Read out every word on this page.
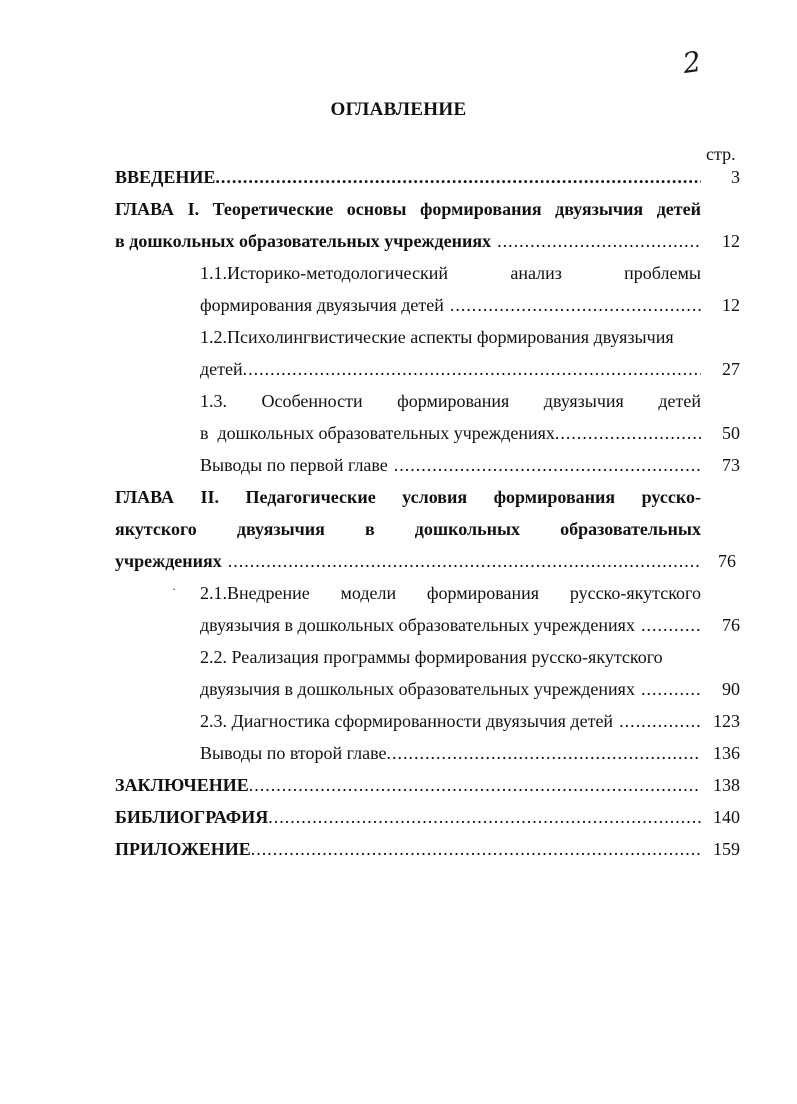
2
ОГЛАВЛЕНИЕ
стр.
ВВЕДЕНИЕ .....	3
ГЛАВА I. Теоретические основы формирования двуязычия детей
в дошкольных образовательных учреждениях .....	12
1.1.Историко-методологический	анализ	проблемы
формирования двуязычия детей .....	12
1.2.Психолингвистические аспекты формирования двуязычия
детей .....	27
1.3. Особенности формирования двуязычия детей
в  дошкольных образовательных учреждениях .....	50
Выводы по первой главе .....	73
ГЛАВА II. Педагогические условия формирования русско-
якутского двуязычия в дошкольных образовательных
учреждениях .....	76
· 2.1.Внедрение модели формирования русско-якутского
двуязычия в дошкольных образовательных учреждениях .....	76
2.2. Реализация программы формирования русско-якутского
двуязычия в дошкольных образовательных учреждениях .....	90
2.3. Диагностика сформированности двуязычия детей .....	123
Выводы по второй главе .....	136
ЗАКЛЮЧЕНИЕ .....	138
БИБЛИОГРАФИЯ .....	140
ПРИЛОЖЕНИЕ .....	159
